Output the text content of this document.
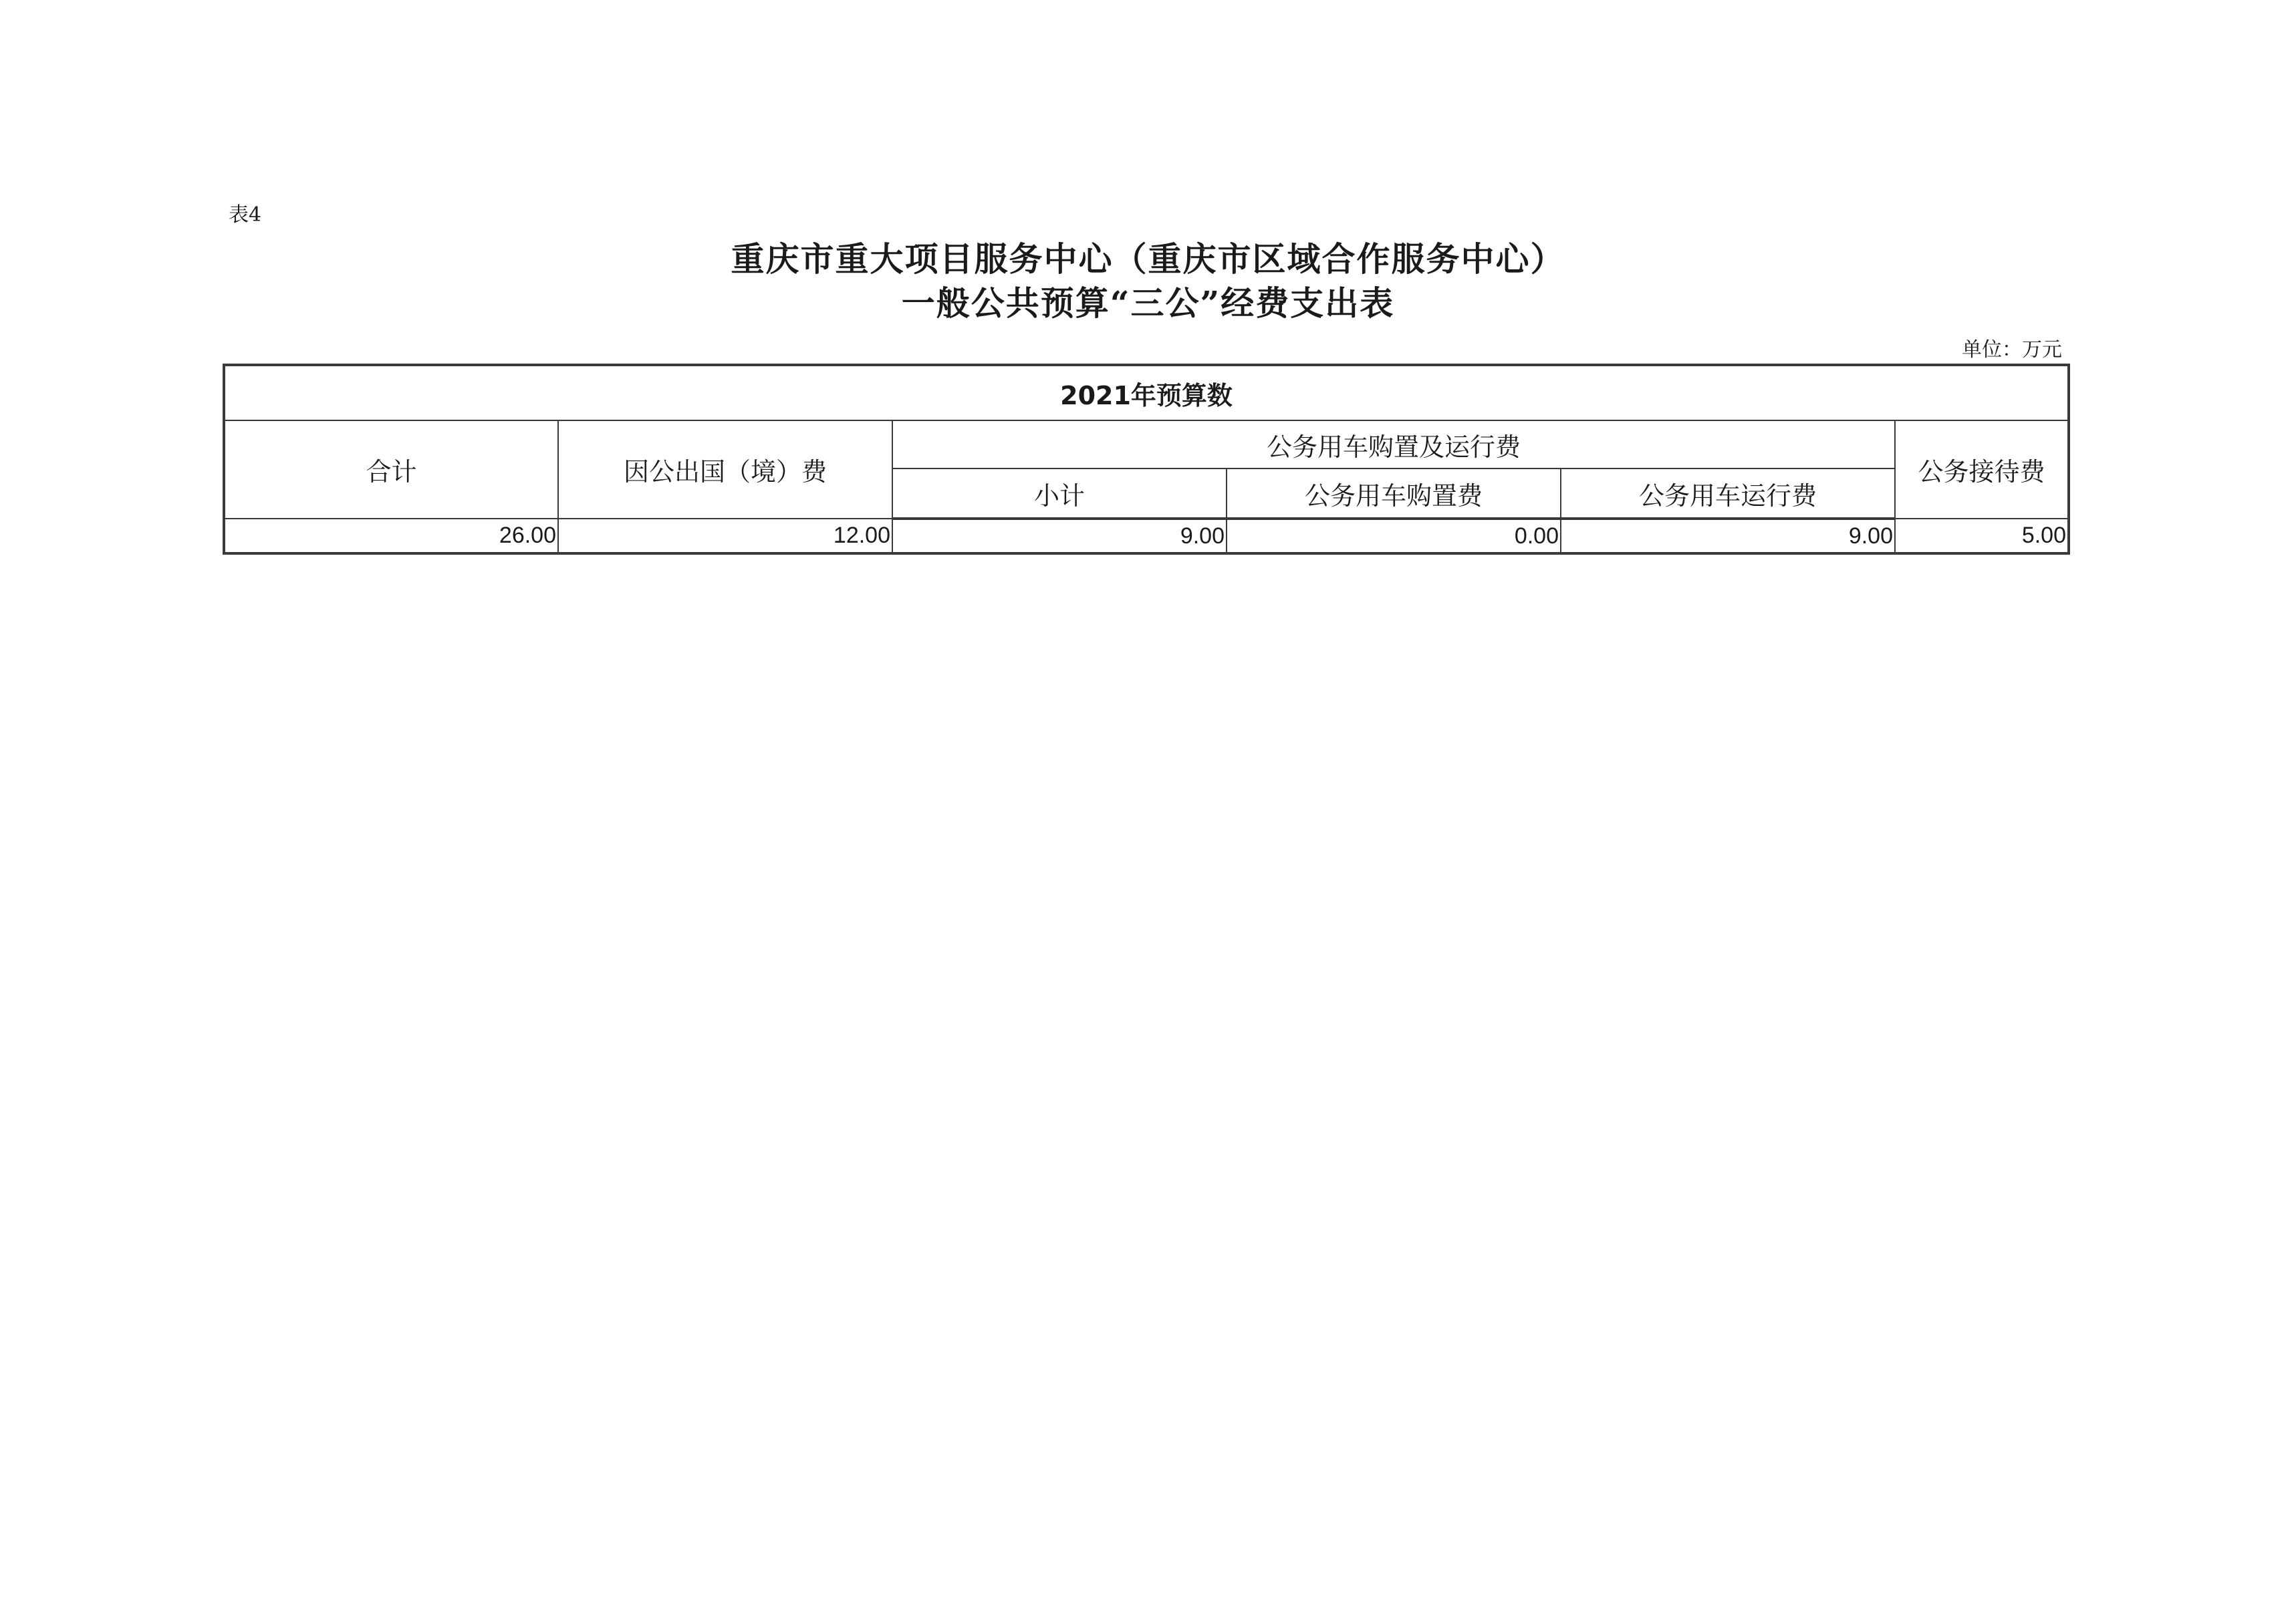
表4
重庆市重大项目服务中心（重庆市区域合作服务中心）
一般公共预算“三公”经费支出表
单位：万元
2021年预算数					
合计	因公出国（境）费	公务用车购置及运行费			公务接待费
		小计	公务用车购置费	公务用车运行费	
26.00	12.00	9.00	0.00	9.00	5.00
